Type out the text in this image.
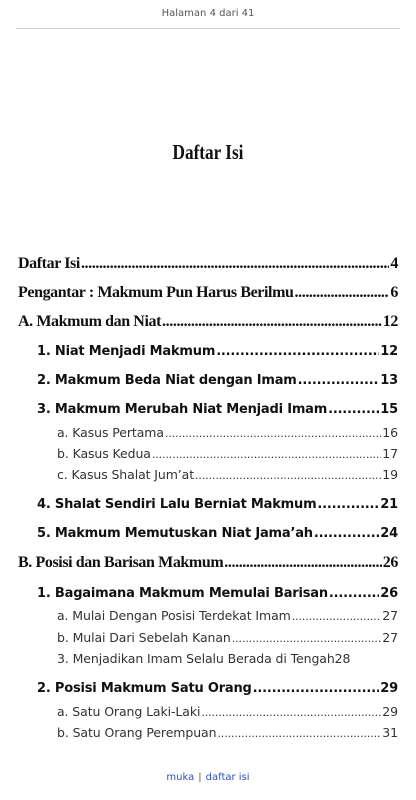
Halaman 4 dari 41
Daftar Isi
Daftar Isi .....	4
Pengantar : Makmum Pun Harus Berilmu .....	6
A. Makmum dan Niat .....	12
1. Niat Menjadi Makmum .....	12
2. Makmum Beda Niat dengan Imam .....	13
3. Makmum Merubah Niat Menjadi Imam .....	15
a. Kasus Pertama .....	16
b. Kasus Kedua .....	17
c. Kasus Shalat Jum’at .....	19
4. Shalat Sendiri Lalu Berniat Makmum .....	21
5. Makmum Memutuskan Niat Jama’ah .....	24
B. Posisi dan Barisan Makmum .....	26
1. Bagaimana Makmum Memulai Barisan .....	26
a. Mulai Dengan Posisi Terdekat Imam .....	27
b. Mulai Dari Sebelah Kanan .....	27
3. Menjadikan Imam Selalu Berada di Tengah 28
2. Posisi Makmum Satu Orang .....	29
a. Satu Orang Laki-Laki .....	29
b. Satu Orang Perempuan .....	31
muka | daftar isi
